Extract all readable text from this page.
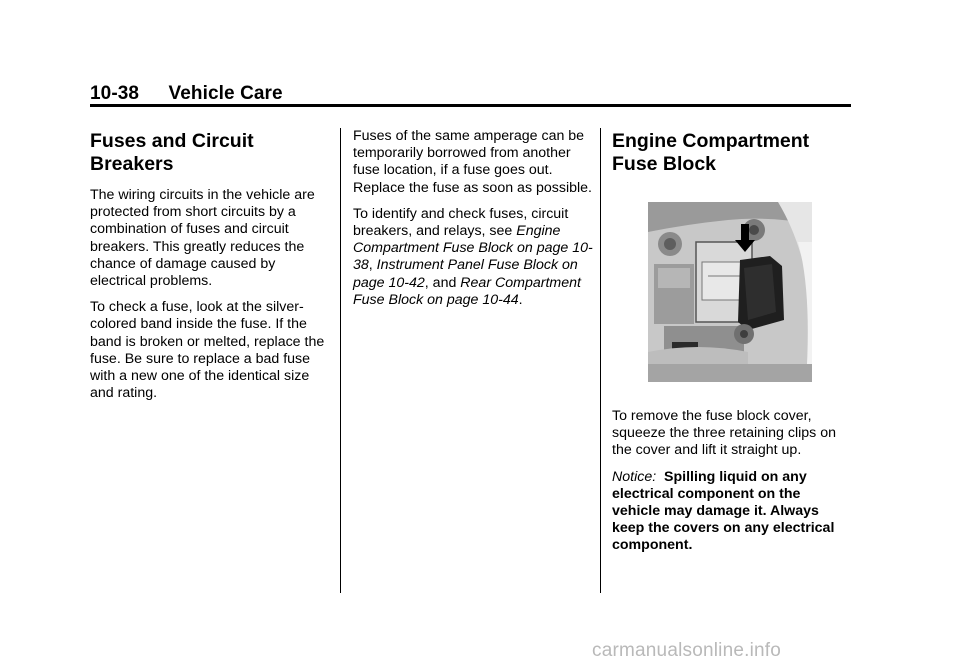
10-38 Vehicle Care
Fuses and Circuit Breakers

The wiring circuits in the vehicle are protected from short circuits by a combination of fuses and circuit breakers. This greatly reduces the chance of damage caused by electrical problems.

To check a fuse, look at the silver-colored band inside the fuse. If the band is broken or melted, replace the fuse. Be sure to replace a bad fuse with a new one of the identical size and rating.

Fuses of the same amperage can be temporarily borrowed from another fuse location, if a fuse goes out. Replace the fuse as soon as possible.

To identify and check fuses, circuit breakers, and relays, see Engine Compartment Fuse Block on page 10-38, Instrument Panel Fuse Block on page 10-42, and Rear Compartment Fuse Block on page 10-44.

Engine Compartment Fuse Block

To remove the fuse block cover, squeeze the three retaining clips on the cover and lift it straight up.

Notice: Spilling liquid on any electrical component on the vehicle may damage it. Always keep the covers on any electrical component.

carmanualsonline.info
